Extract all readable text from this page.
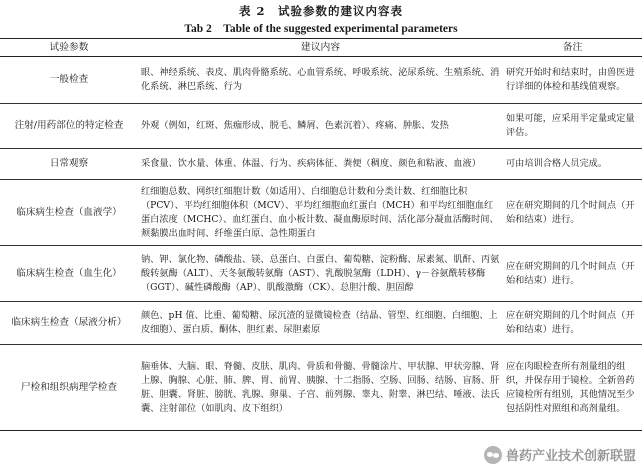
表 2　试验参数的建议内容表
Tab 2　Table of the suggested experimental parameters
试验参数	建议内容	备注
一般检查	眼、神经系统、表皮、肌肉骨骼系统、心血管系统、呼吸系统、泌尿系统、生殖系统、消化系统、淋巴系统、行为	研究开始时和结束时，由兽医进行详细的体检和基线值观察。
注射/用药部位的特定检查	外观（例如，红斑、焦痂形成、脱毛、鳞屑、色素沉着）、疼痛、肿胀、发热	如果可能，应采用半定量或定量评估。
日常观察	采食量、饮水量、体重、体温、行为、疾病体征、粪便（稠度、颜色和粘液、血液）	可由培训合格人员完成。
临床病生检查（血液学）	红细胞总数、网织红细胞计数（如适用）、白细胞总计数和分类计数、红细胞比积（PCV）、平均红细胞体积（MCV）、平均红细胞血红蛋白（MCH）和平均红细胞血红蛋白浓度（MCHC）、血红蛋白、血小板计数、凝血酶原时间、活化部分凝血活酶时间、颊黏膜出血时间、纤维蛋白原、急性期蛋白	应在研究期间的几个时间点（开始和结束）进行。
临床病生检查（血生化）	钠、钾、氯化物、磷酸盐、镁、总蛋白、白蛋白、葡萄糖、淀粉酶、尿素氮、肌酐、丙氨酸转氨酶（ALT）、天冬氨酸转氨酶（AST）、乳酸脱氢酶（LDH）、γ－谷氨酰转移酶（GGT）、碱性磷酸酶（AP）、肌酸激酶（CK）、总胆汁酸、胆固醇	应在研究期间的几个时间点（开始和结束）进行。
临床病生检查（尿液分析）	颜色、pH 值、比重、葡萄糖、尿沉渣的显微镜检查（结晶、管型、红细胞、白细胞、上皮细胞）、蛋白质、酮体、胆红素、尿胆素原	应在研究期间的几个时间点（开始和结束）进行。
尸检和组织病理学检查	脑垂体、大脑、眼、脊髓、皮肤、肌肉、骨质和骨髓、骨髓涂片、甲状腺、甲状旁腺、肾上腺、胸腺、心脏、肺、脾、胃、前胃、胰腺、十二指肠、空肠、回肠、结肠、盲肠、肝脏、胆囊、肾脏、膀胱、乳腺、卵巢、子宫、前列腺、睾丸、附睾、淋巴结、唾液、法氏囊、注射部位（如肌肉、皮下组织）	应在肉眼检查所有剂量组的组织，并保存用于镜检。全新兽药应镜检所有组别，其他情况至少包括阴性对照组和高剂量组。
兽药产业技术创新联盟
